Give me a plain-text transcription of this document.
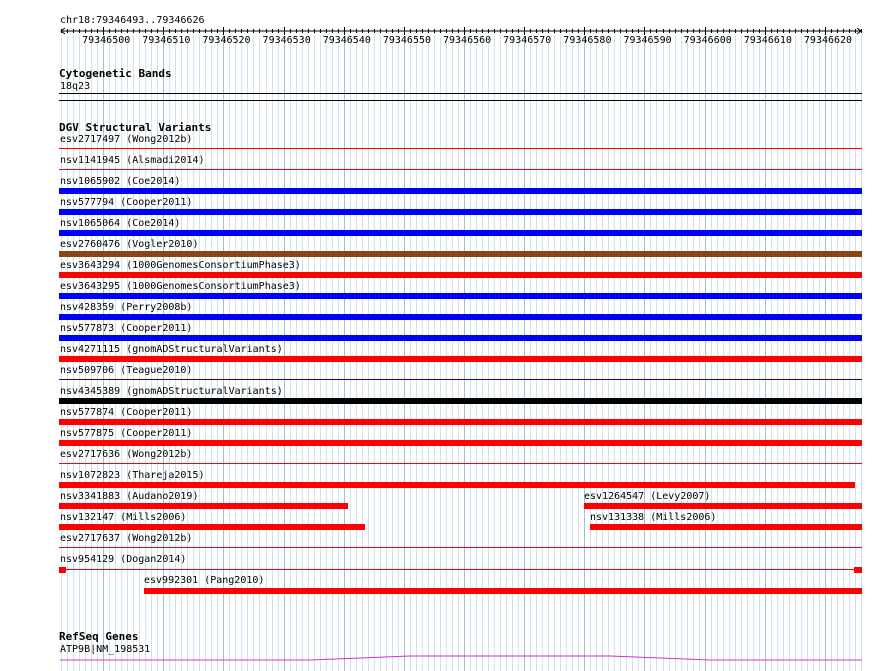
chr18:79346493..79346626
79346500 79346510 79346520 79346530 79346540 79346550 79346560 79346570 79346580 79346590 79346600 79346610 79346620
Cytogenetic Bands
18q23
DGV Structural Variants
esv2717497 (Wong2012b)
nsv1141945 (Alsmadi2014)
nsv1065902 (Coe2014)
nsv577794 (Cooper2011)
nsv1065064 (Coe2014)
esv2760476 (Vogler2010)
esv3643294 (1000GenomesConsortiumPhase3)
esv3643295 (1000GenomesConsortiumPhase3)
nsv428359 (Perry2008b)
nsv577873 (Cooper2011)
nsv4271115 (gnomADStructuralVariants)
nsv509706 (Teague2010)
nsv4345389 (gnomADStructuralVariants)
nsv577874 (Cooper2011)
nsv577875 (Cooper2011)
esv2717636 (Wong2012b)
nsv1072823 (Thareja2015)
nsv3341883 (Audano2019)	esv1264547 (Levy2007)
nsv132147 (Mills2006)	nsv131338 (Mills2006)
esv2717637 (Wong2012b)
nsv954129 (Dogan2014)
esv992301 (Pang2010)
RefSeq Genes
ATP9B|NM_198531
